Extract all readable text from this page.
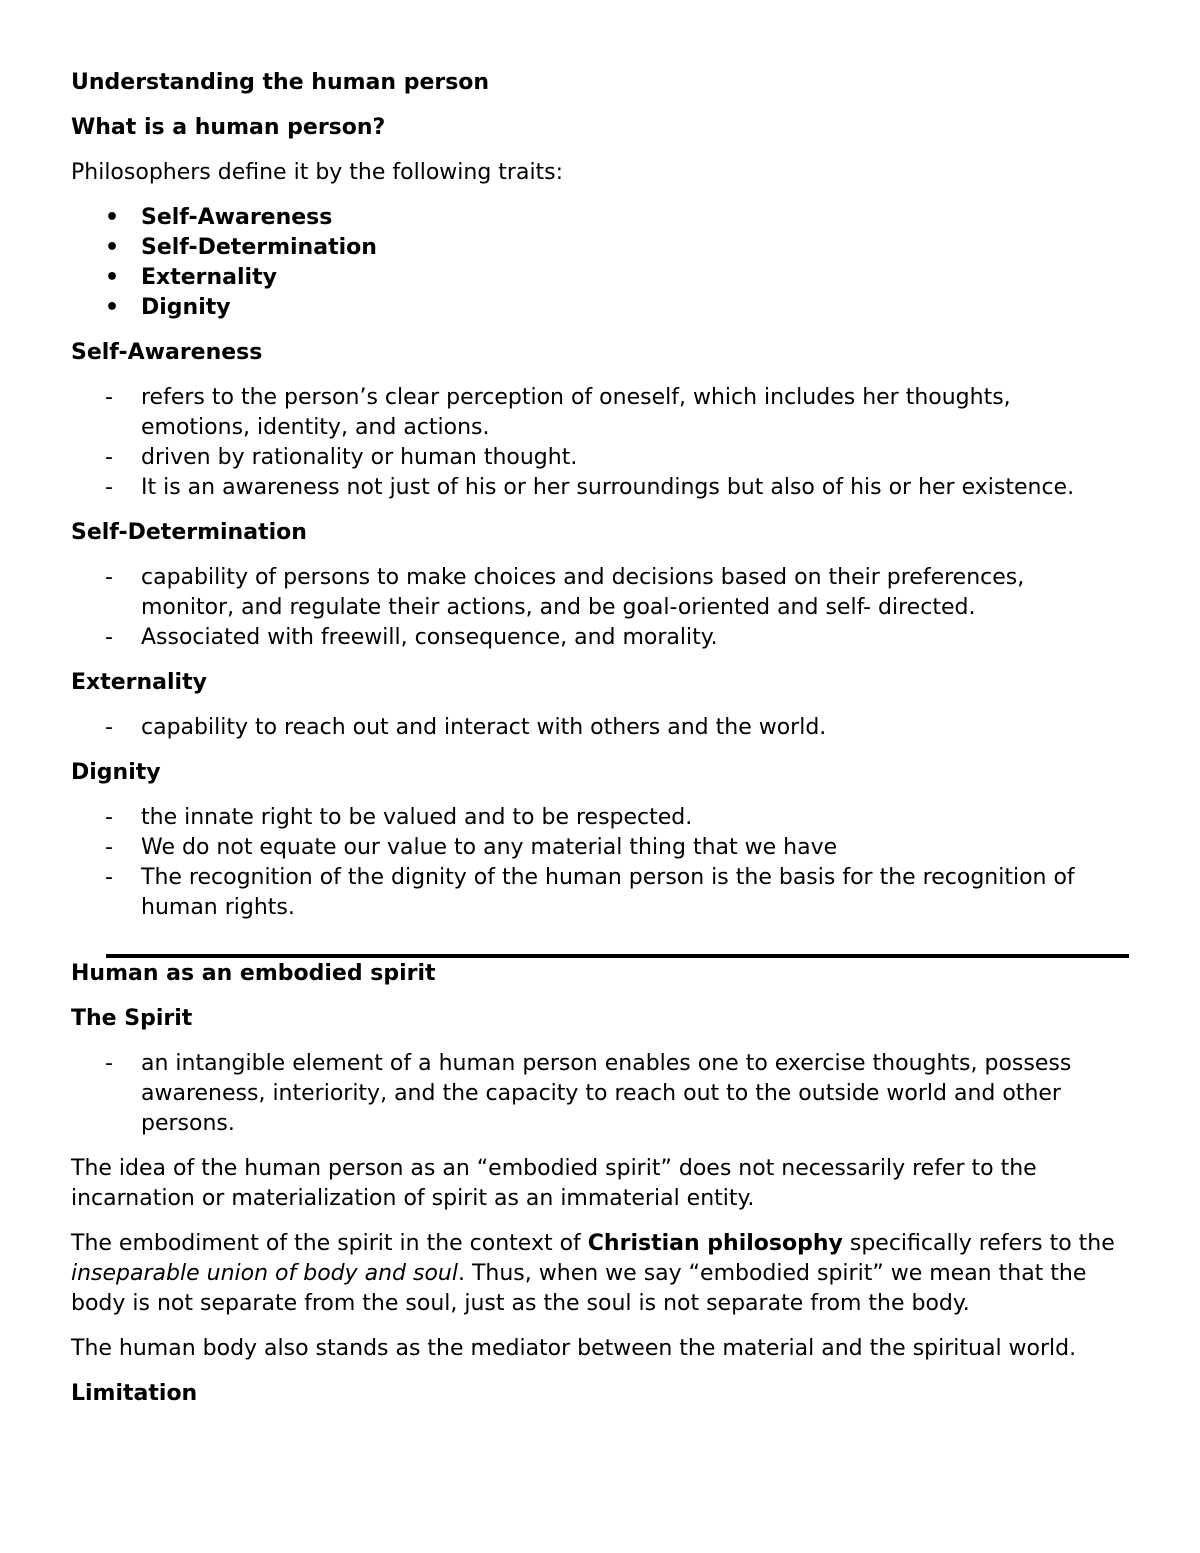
Understanding the human person

What is a human person?

Philosophers define it by the following traits:

• Self-Awareness
• Self-Determination
• Externality
• Dignity

Self-Awareness

- refers to the person’s clear perception of oneself, which includes her thoughts, emotions, identity, and actions.
- driven by rationality or human thought.
- It is an awareness not just of his or her surroundings but also of his or her existence.

Self-Determination

- capability of persons to make choices and decisions based on their preferences, monitor, and regulate their actions, and be goal-oriented and self- directed.
- Associated with freewill, consequence, and morality.

Externality

- capability to reach out and interact with others and the world.

Dignity

- the innate right to be valued and to be respected.
- We do not equate our value to any material thing that we have
- The recognition of the dignity of the human person is the basis for the recognition of human rights.

Human as an embodied spirit

The Spirit

- an intangible element of a human person enables one to exercise thoughts, possess awareness, interiority, and the capacity to reach out to the outside world and other persons.

The idea of the human person as an “embodied spirit” does not necessarily refer to the incarnation or materialization of spirit as an immaterial entity.

The embodiment of the spirit in the context of Christian philosophy specifically refers to the inseparable union of body and soul. Thus, when we say “embodied spirit” we mean that the body is not separate from the soul, just as the soul is not separate from the body.

The human body also stands as the mediator between the material and the spiritual world.

Limitation
